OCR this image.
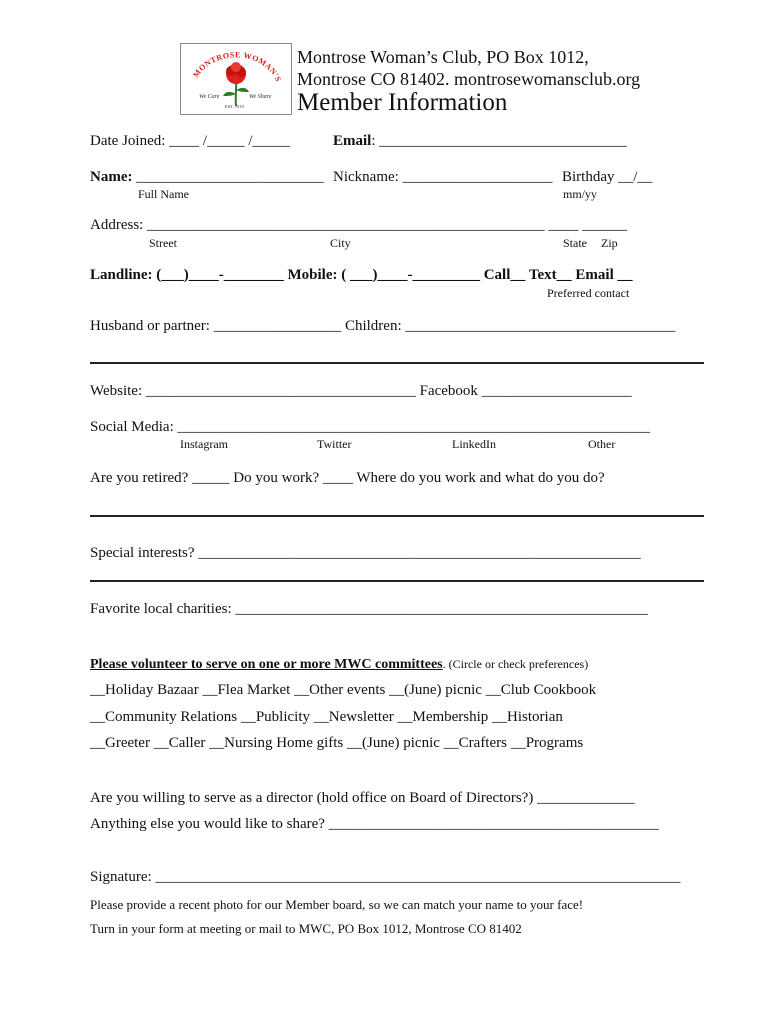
MONTROSE WOMAN'S
We Care	We Share
EST. 1919
Montrose Woman’s Club, PO Box 1012,
Montrose CO 81402. montrosewomansclub.org
Member Information
Date Joined: ____ /_____ /_____	Email: _________________________________
Name: _________________________ Nickname: ____________________ Birthday __/__
Full Name	mm/yy
Address: _____________________________________________________ ____ ______
Street	City	State Zip
Landline: (___)____-________ Mobile: ( ___)____-_________ Call__ Text__ Email __
Preferred contact
Husband or partner: _________________ Children: ____________________________________
Website: ____________________________________ Facebook ____________________
Social Media: _______________________________________________________________
Instagram	Twitter	LinkedIn	Other
Are you retired? _____ Do you work? ____ Where do you work and what do you do?
Special interests? ___________________________________________________________
Favorite local charities: _______________________________________________________
Please volunteer to serve on one or more MWC committees. (Circle or check preferences)
__Holiday Bazaar __Flea Market __Other events __(June) picnic __Club Cookbook
__Community Relations __Publicity __Newsletter __Membership __Historian
__Greeter __Caller __Nursing Home gifts __(June) picnic __Crafters __Programs
Are you willing to serve as a director (hold office on Board of Directors?) _____________
Anything else you would like to share? ____________________________________________
Signature: ______________________________________________________________________
Please provide a recent photo for our Member board, so we can match your name to your face!
Turn in your form at meeting or mail to MWC, PO Box 1012, Montrose CO 81402
